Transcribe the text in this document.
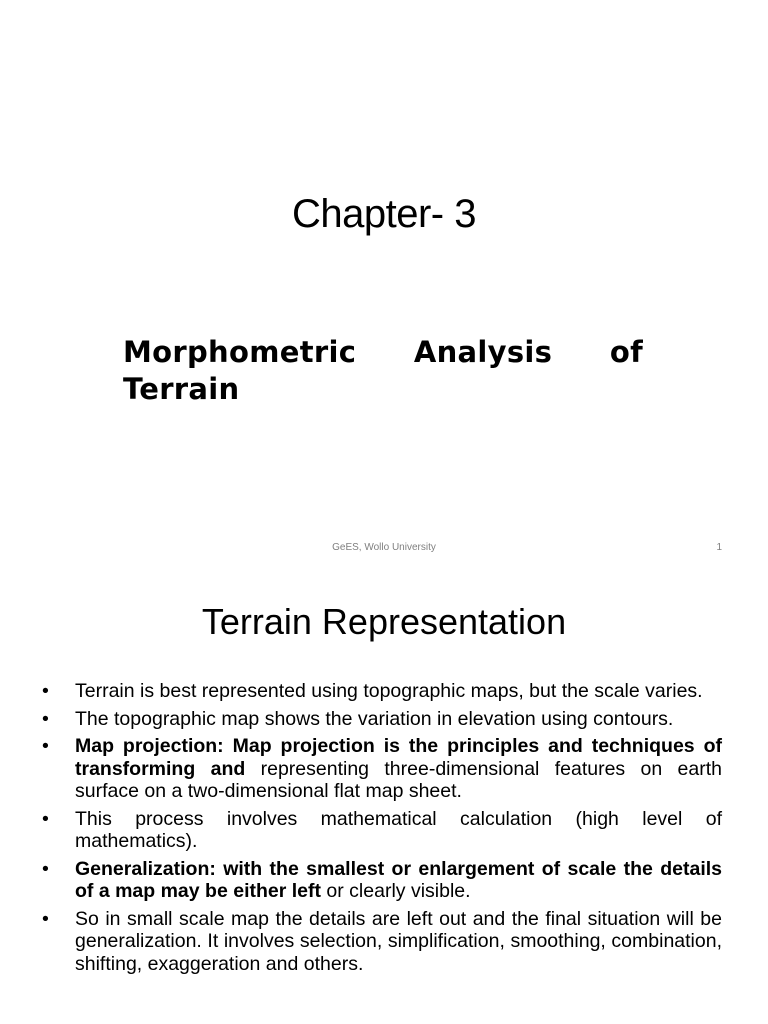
Chapter- 3
Morphometric Analysis of Terrain
GeES, Wollo University	1
Terrain Representation
• Terrain is best represented using topographic maps, but the scale varies.
• The topographic map shows the variation in elevation using contours.
• Map projection: Map projection is the principles and techniques of transforming and representing three-dimensional features on earth surface on a two-dimensional flat map sheet.
• This process involves mathematical calculation (high level of mathematics).
• Generalization: with the smallest or enlargement of scale the details of a map may be either left or clearly visible.
• So in small scale map the details are left out and the final situation will be generalization. It involves selection, simplification, smoothing, combination, shifting, exaggeration and others.
